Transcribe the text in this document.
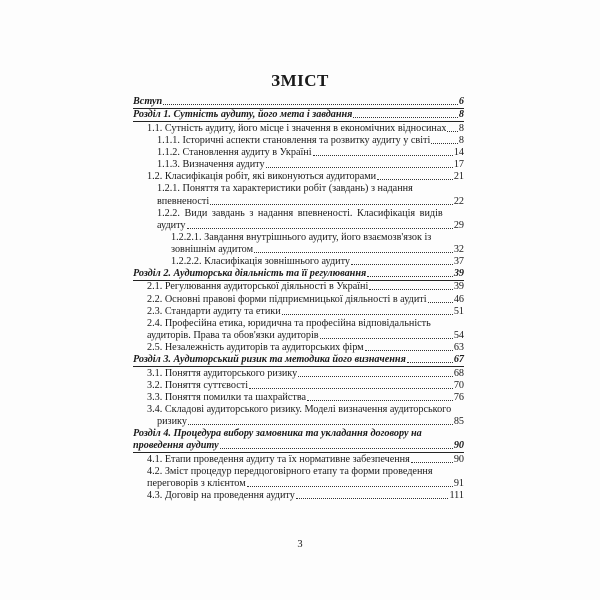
ЗМІСТ
Вступ	6
Розділ 1. Сутність аудиту, його мета і завдання	8
1.1. Сутність аудиту, його місце і значення в економічних відносинах 8
1.1.1. Історичні аспекти становлення та розвитку аудиту у світі	8
1.1.2. Становлення аудиту в Україні	14
1.1.3. Визначення аудиту	17
1.2. Класифікація робіт, які виконуються аудиторами	21
1.2.1. Поняття та характеристики робіт (завдань) з надання
впевненості	22
1.2.2. Види завдань з надання впевненості. Класифікація видів
аудиту	29
1.2.2.1. Завдання внутрішнього аудиту, його взаємозв'язок із
зовнішнім аудитом	32
1.2.2.2. Класифікація зовнішнього аудиту	37
Розділ 2. Аудиторська діяльність та її регулювання	39
2.1. Регулювання аудиторської діяльності в Україні	39
2.2. Основні правові форми підприємницької діяльності в аудиті	46
2.3. Стандарти аудиту та етики	51
2.4. Професійна етика, юридична та професійна відповідальність
аудиторів. Права та обов'язки аудиторів	54
2.5. Незалежність аудиторів та аудиторських фірм	63
Розділ 3. Аудиторський ризик та методика його визначення	67
3.1. Поняття аудиторського ризику	68
3.2. Поняття суттєвості	70
3.3. Поняття помилки та шахрайства	76
3.4. Складові аудиторського ризику. Моделі визначення аудиторського
ризику	85
Розділ 4. Процедура вибору замовника та укладання договору на
проведення аудиту	90
4.1. Етапи проведення аудиту та їх нормативне забезпечення	90
4.2. Зміст процедур передцоговірного етапу та форми проведення
переговорів з клієнтом	91
4.3. Договір на проведення аудиту	111
3
